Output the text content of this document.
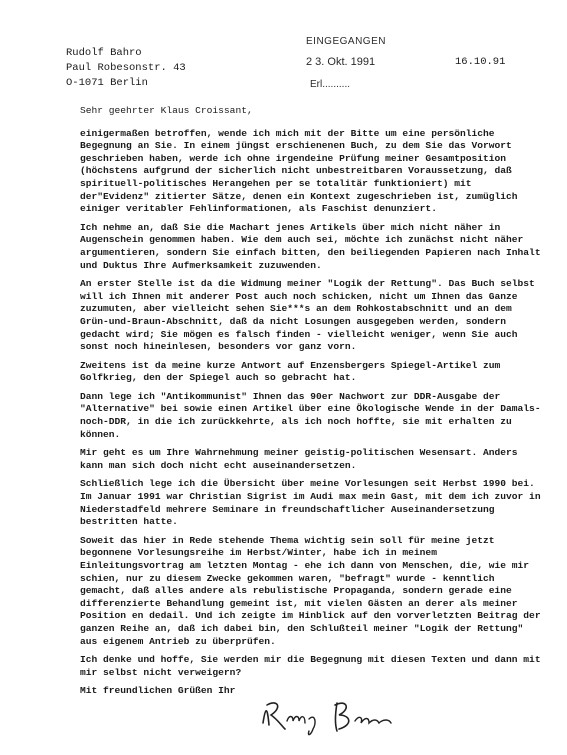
Rudolf Bahro
Paul Robesonstr. 43
O-1071 Berlin
EINGEGANGEN
2 3. Okt. 1991
Erl..........
16.10.91

Sehr geehrter Klaus Croissant,

einigermaßen betroffen, wende ich mich mit der Bitte um eine persönliche Begegnung an Sie. In einem jüngst erschienenen Buch, zu dem Sie das Vorwort geschrieben haben, werde ich ohne irgendeine Prüfung meiner Gesamtposition (höchstens aufgrund der sicherlich nicht unbestreitbaren Voraussetzung, daß spirituell-politisches Herangehen per se totalitär funktioniert) mit der"Evidenz" zitierter Sätze, denen ein Kontext zugeschrieben ist, zumüglich einiger veritabler Fehlinformationen, als Faschist denunziert.

Ich nehme an, daß Sie die Machart jenes Artikels über mich nicht näher in Augenschein genommen haben. Wie dem auch sei, möchte ich zunächst nicht näher argumentieren, sondern Sie einfach bitten, den beiliegenden Papieren nach Inhalt und Duktus Ihre Aufmerksamkeit zuzuwenden.

An erster Stelle ist da die Widmung meiner "Logik der Rettung". Das Buch selbst will ich Ihnen mit anderer Post auch noch schicken, nicht um Ihnen das Ganze zuzumuten, aber vielleicht sehen Sie***s an dem Rohkostabschnitt und an dem Grün-und-Braun-Abschnitt, daß da nicht Losungen ausgegeben werden, sondern gedacht wird; Sie mögen es falsch finden - vielleicht weniger, wenn Sie auch sonst noch hineinlesen, besonders vor ganz vorn.

Zweitens ist da meine kurze Antwort auf Enzensbergers Spiegel-Artikel zum Golfkrieg, den der Spiegel auch so gebracht hat.

Dann lege ich "Antikommunist" Ihnen das 90er Nachwort zur DDR-Ausgabe der "Alternative" bei sowie einen Artikel über eine Ökologische Wende in der Damals-noch-DDR, in die ich zurückkehrte, als ich noch hoffte, sie mit erhalten zu können.

Mir geht es um Ihre Wahrnehmung meiner geistig-politischen Wesensart. Anders kann man sich doch nicht echt auseinandersetzen.

Schließlich lege ich die Übersicht über meine Vorlesungen seit Herbst 1990 bei. Im Januar 1991 war Christian Sigrist im Audi max mein Gast, mit dem ich zuvor in Niederstadfeld mehrere Seminare in freundschaftlicher Auseinandersetzung bestritten hatte.

Soweit das hier in Rede stehende Thema wichtig sein soll für meine jetzt begonnene Vorlesungsreihe im Herbst/Winter, habe ich in meinem Einleitungsvortrag am letzten Montag - ehe ich dann von Menschen, die, wie mir schien, nur zu diesem Zwecke gekommen waren, "befragt" wurde - kenntlich gemacht, daß alles andere als rebulistische Propaganda, sondern gerade eine differenzierte Behandlung gemeint ist, mit vielen Gästen an derer als meiner Position en dedail. Und ich zeigte im Hinblick auf den vorverletzten Beitrag der ganzen Reihe an, daß ich dabei bin, den Schlußteil meiner "Logik der Rettung" aus eigenem Antrieb zu überprüfen.

Ich denke und hoffe, Sie werden mir die Begegnung mit diesen Texten und dann mit mir selbst nicht verweigern?

Mit freundlichen Grüßen Ihr
